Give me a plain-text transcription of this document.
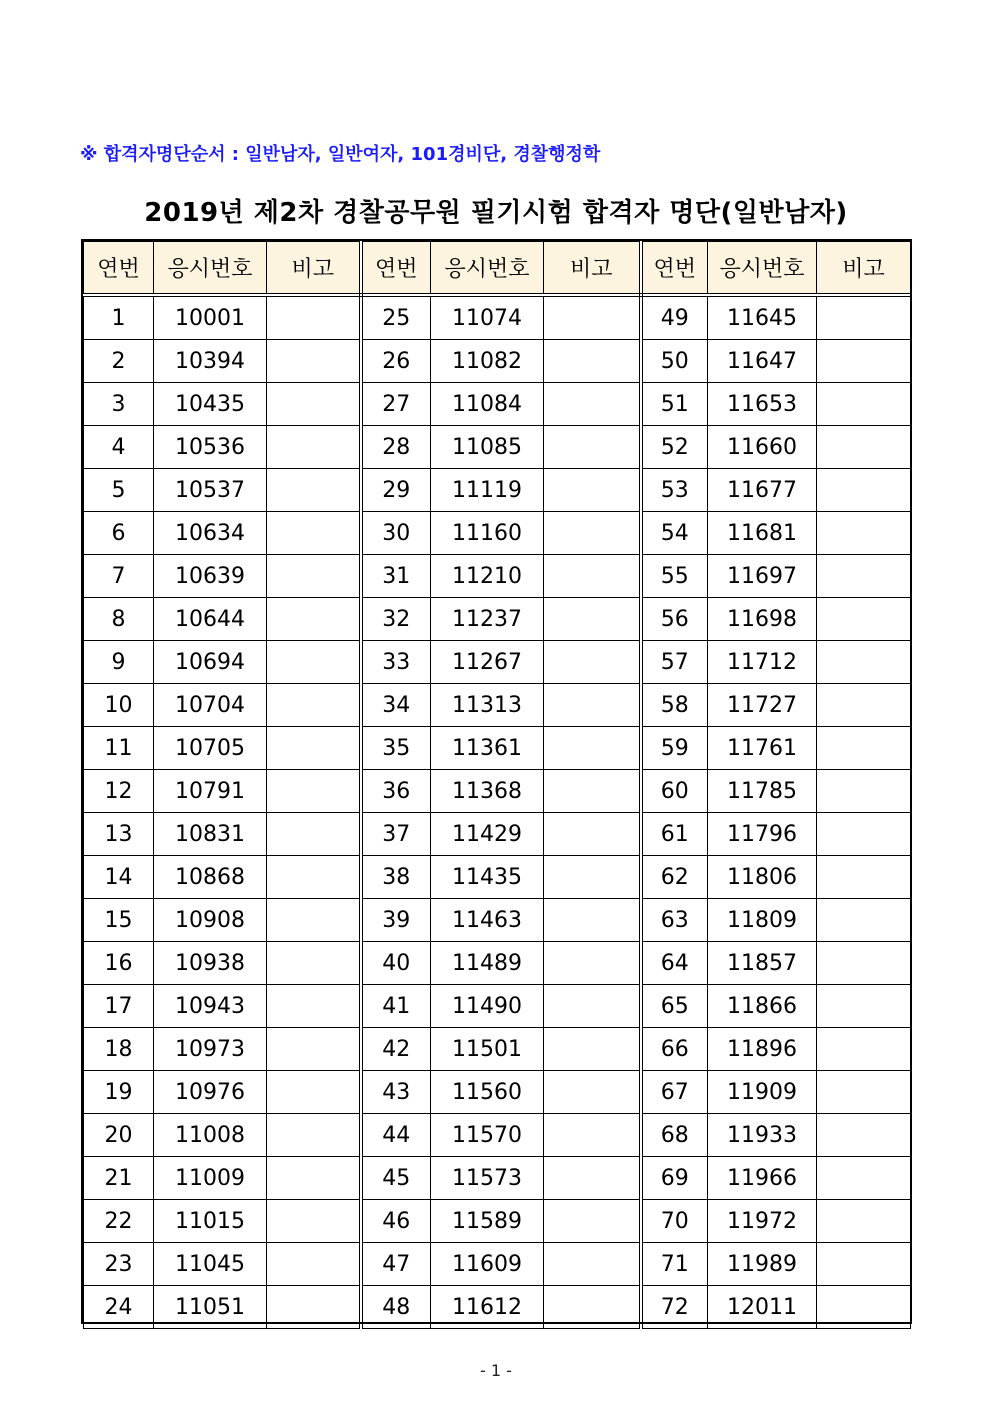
※ 합격자명단순서 : 일반남자, 일반여자, 101경비단, 경찰행정학
2019년 제2차 경찰공무원 필기시험 합격자 명단(일반남자)
연번	응시번호	비고	연번	응시번호	비고	연번	응시번호	비고
1	10001		25	11074		49	11645	
2	10394		26	11082		50	11647	
3	10435		27	11084		51	11653	
4	10536		28	11085		52	11660	
5	10537		29	11119		53	11677	
6	10634		30	11160		54	11681	
7	10639		31	11210		55	11697	
8	10644		32	11237		56	11698	
9	10694		33	11267		57	11712	
10	10704		34	11313		58	11727	
11	10705		35	11361		59	11761	
12	10791		36	11368		60	11785	
13	10831		37	11429		61	11796	
14	10868		38	11435		62	11806	
15	10908		39	11463		63	11809	
16	10938		40	11489		64	11857	
17	10943		41	11490		65	11866	
18	10973		42	11501		66	11896	
19	10976		43	11560		67	11909	
20	11008		44	11570		68	11933	
21	11009		45	11573		69	11966	
22	11015		46	11589		70	11972	
23	11045		47	11609		71	11989	
24	11051		48	11612		72	12011	
- 1 -
